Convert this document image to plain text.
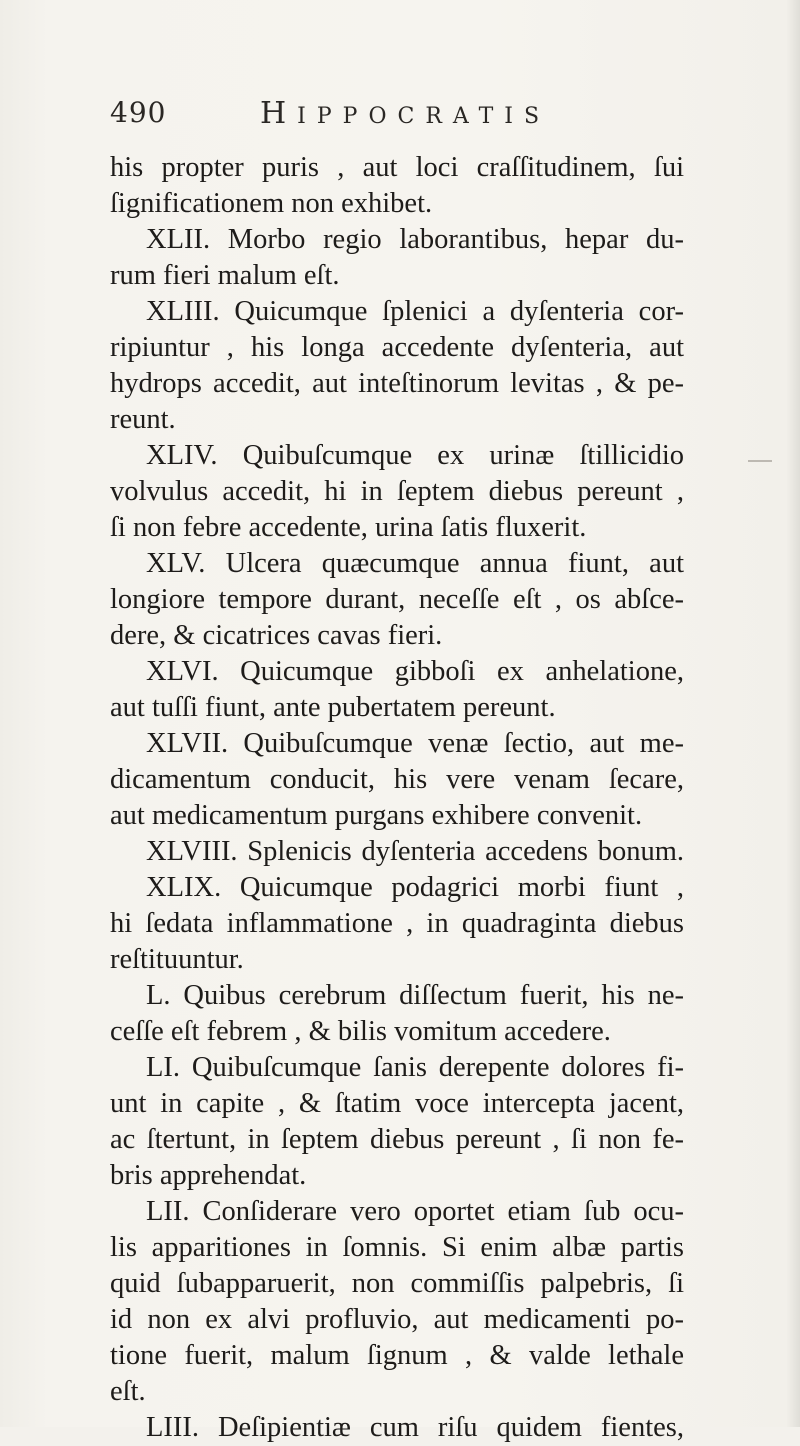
490	HIPPOCRATIS
his propter puris , aut loci craſſitudinem, ſui
ſignificationem non exhibet.
XLII. Morbo regio laborantibus, hepar du-
rum fieri malum eſt.
XLIII. Quicumque ſplenici a dyſenteria cor-
ripiuntur , his longa accedente dyſenteria, aut
hydrops accedit, aut inteſtinorum levitas , & pe-
reunt.
XLIV. Quibuſcumque ex urinæ ſtillicidio
volvulus accedit, hi in ſeptem diebus pereunt ,
ſi non febre accedente, urina ſatis fluxerit.
XLV. Ulcera quæcumque annua fiunt, aut
longiore tempore durant, neceſſe eſt , os abſce-
dere, & cicatrices cavas fieri.
XLVI. Quicumque gibboſi ex anhelatione,
aut tuſſi fiunt, ante pubertatem pereunt.
XLVII. Quibuſcumque venæ ſectio, aut me-
dicamentum conducit, his vere venam ſecare,
aut medicamentum purgans exhibere convenit.
XLVIII. Splenicis dyſenteria accedens bonum.
XLIX. Quicumque podagrici morbi fiunt ,
hi ſedata inflammatione , in quadraginta diebus
reſtituuntur.
L. Quibus cerebrum diſſectum fuerit, his ne-
ceſſe eſt febrem , & bilis vomitum accedere.
LI. Quibuſcumque ſanis derepente dolores fi-
unt in capite , & ſtatim voce intercepta jacent,
ac ſtertunt, in ſeptem diebus pereunt , ſi non fe-
bris apprehendat.
LII. Conſiderare vero oportet etiam ſub ocu-
lis apparitiones in ſomnis. Si enim albæ partis
quid ſubapparuerit, non commiſſis palpebris, ſi
id non ex alvi profluvio, aut medicamenti po-
tione fuerit, malum ſignum , & valde lethale
eſt.
LIII. Deſipientiæ cum riſu quidem fientes,
